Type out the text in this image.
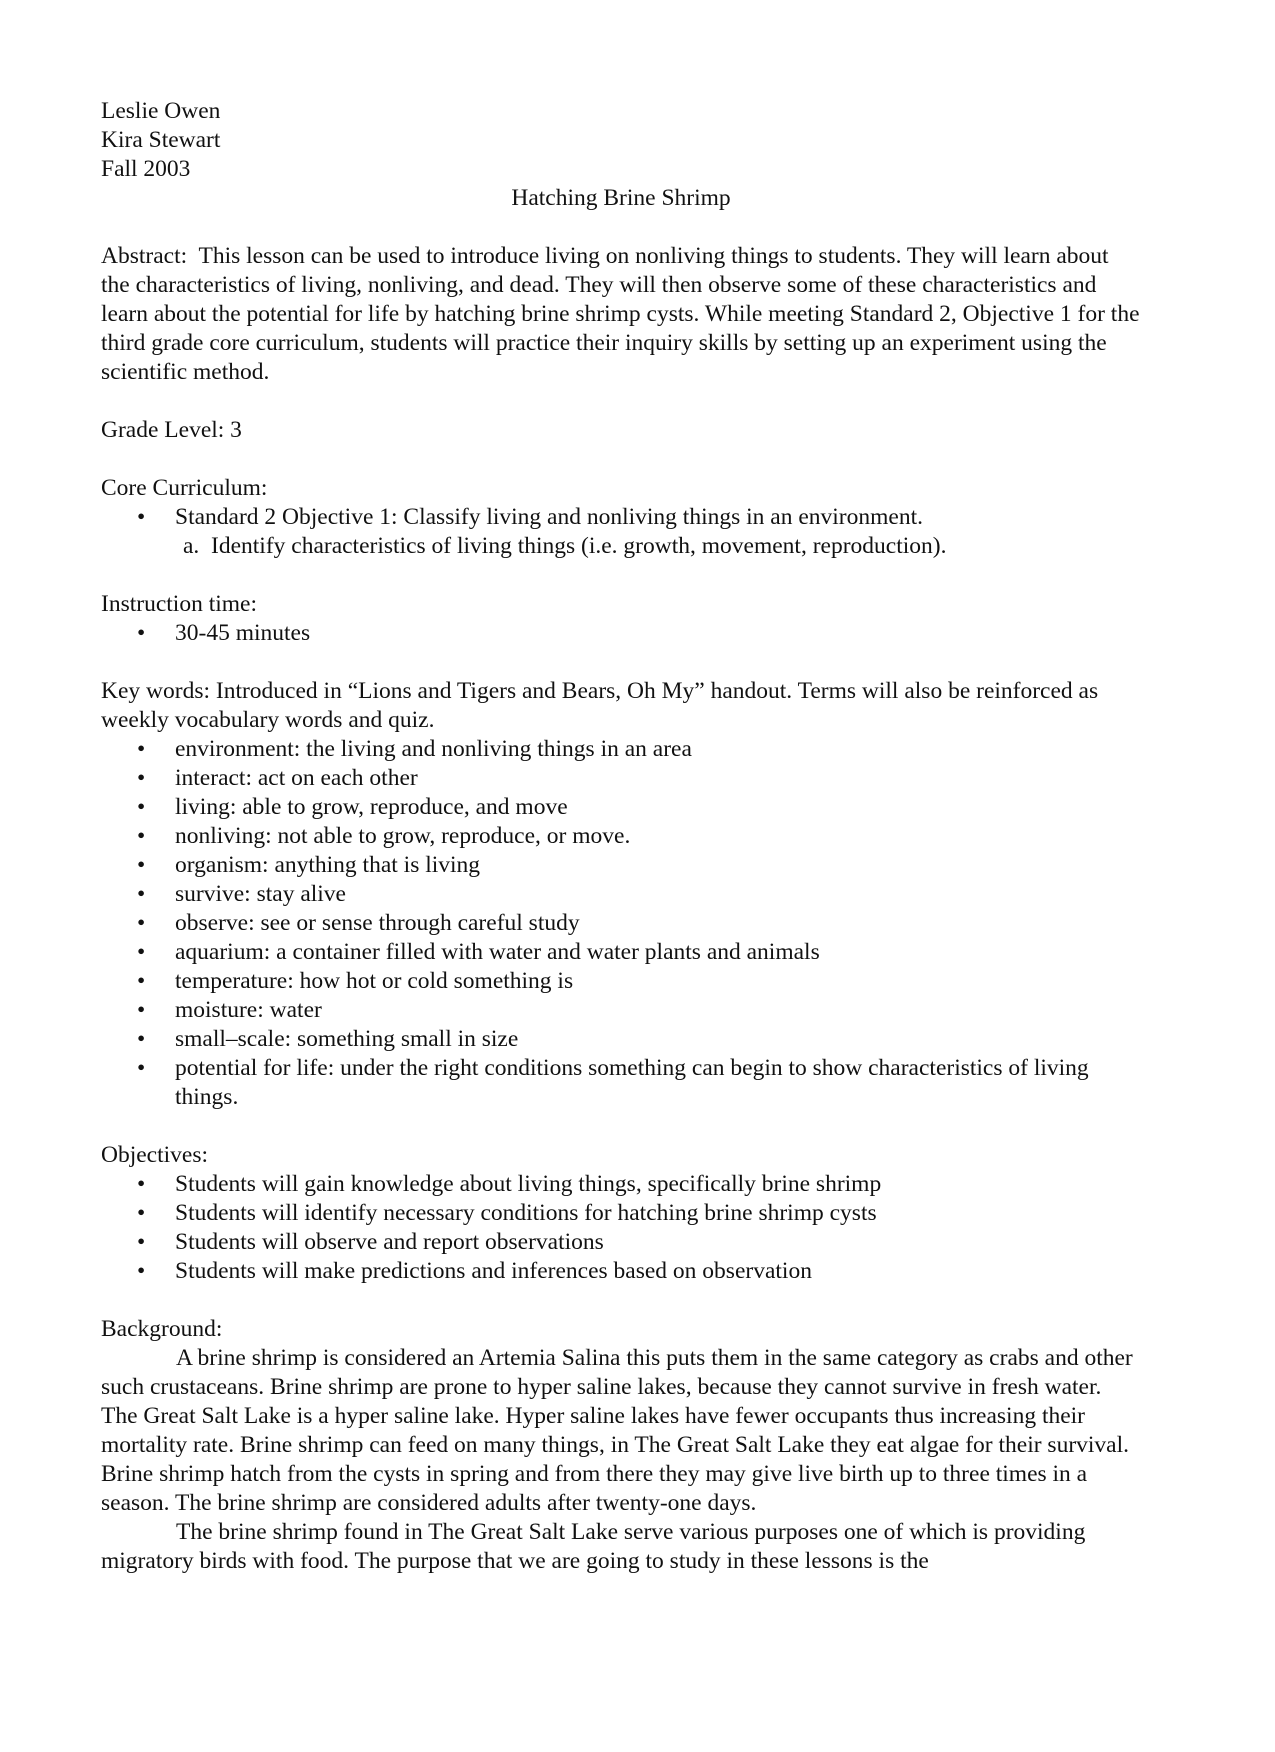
Leslie Owen
Kira Stewart
Fall 2003
Hatching Brine Shrimp
Abstract: This lesson can be used to introduce living on nonliving things to students. They will learn about the characteristics of living, nonliving, and dead. They will then observe some of these characteristics and learn about the potential for life by hatching brine shrimp cysts. While meeting Standard 2, Objective 1 for the third grade core curriculum, students will practice their inquiry skills by setting up an experiment using the scientific method.
Grade Level: 3
Core Curriculum:
• Standard 2 Objective 1: Classify living and nonliving things in an environment.
a. Identify characteristics of living things (i.e. growth, movement, reproduction).
Instruction time:
• 30-45 minutes
Key words: Introduced in “Lions and Tigers and Bears, Oh My” handout. Terms will also be reinforced as weekly vocabulary words and quiz.
• environment: the living and nonliving things in an area
• interact: act on each other
• living: able to grow, reproduce, and move
• nonliving: not able to grow, reproduce, or move.
• organism: anything that is living
• survive: stay alive
• observe: see or sense through careful study
• aquarium: a container filled with water and water plants and animals
• temperature: how hot or cold something is
• moisture: water
• small–scale: something small in size
• potential for life: under the right conditions something can begin to show characteristics of living things.
Objectives:
• Students will gain knowledge about living things, specifically brine shrimp
• Students will identify necessary conditions for hatching brine shrimp cysts
• Students will observe and report observations
• Students will make predictions and inferences based on observation
Background:
A brine shrimp is considered an Artemia Salina this puts them in the same category as crabs and other such crustaceans. Brine shrimp are prone to hyper saline lakes, because they cannot survive in fresh water. The Great Salt Lake is a hyper saline lake. Hyper saline lakes have fewer occupants thus increasing their mortality rate. Brine shrimp can feed on many things, in The Great Salt Lake they eat algae for their survival. Brine shrimp hatch from the cysts in spring and from there they may give live birth up to three times in a season. The brine shrimp are considered adults after twenty-one days.
The brine shrimp found in The Great Salt Lake serve various purposes one of which is providing migratory birds with food. The purpose that we are going to study in these lessons is the
